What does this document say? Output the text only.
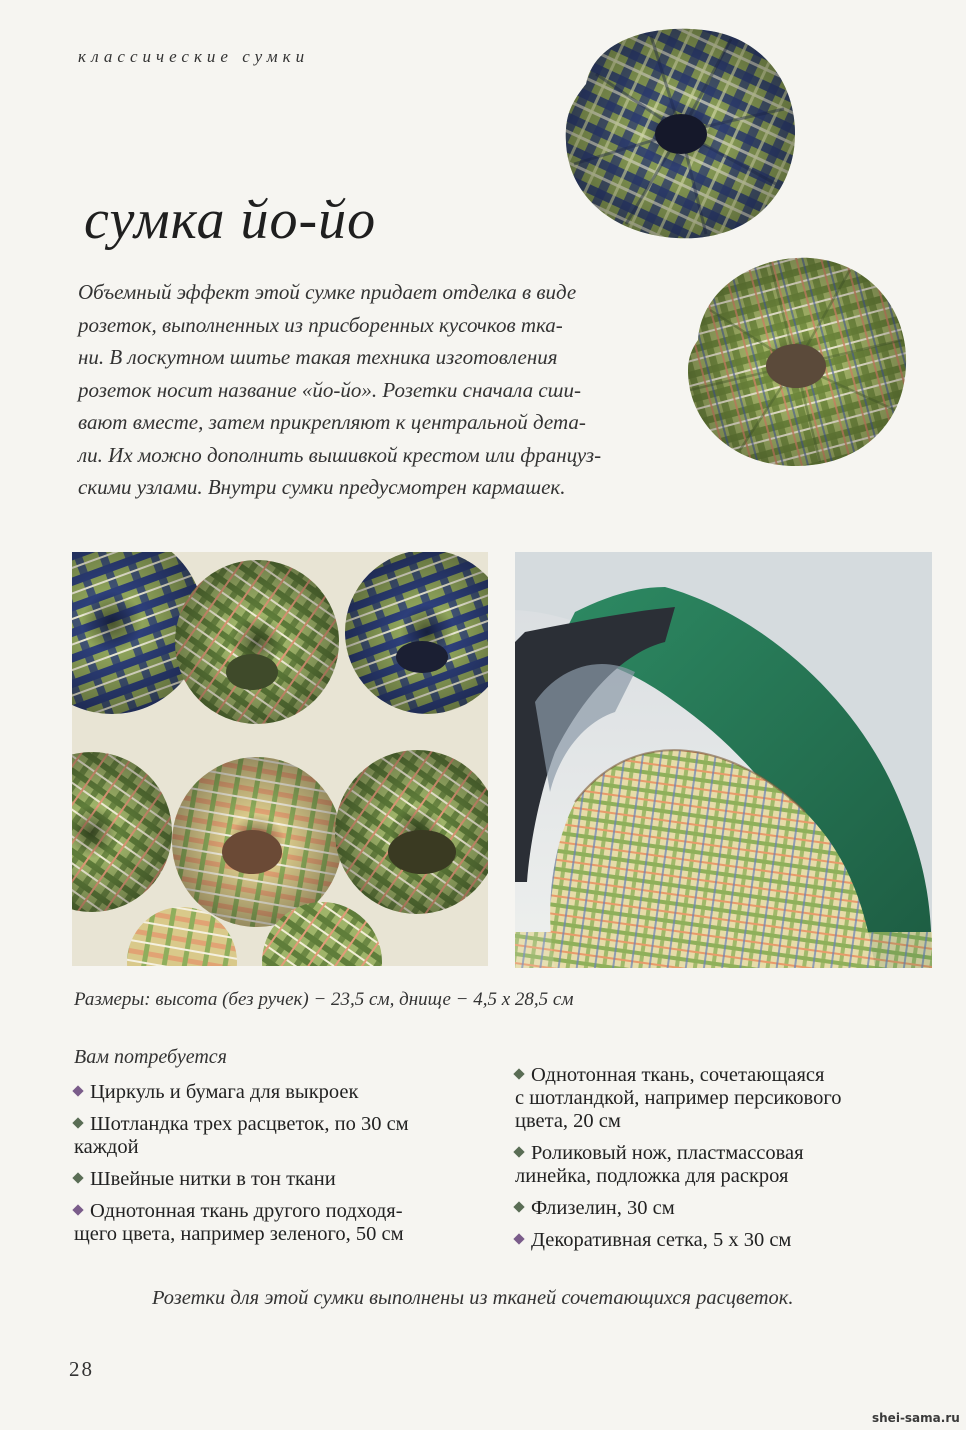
классические сумки
сумка йо-йо
Объемный эффект этой сумке придает отделка в виде
розеток, выполненных из присборенных кусочков тка-
ни. В лоскутном шитье такая техника изготовления
розеток носит название «йо-йо». Розетки сначала сши-
вают вместе, затем прикрепляют к центральной дета-
ли. Их можно дополнить вышивкой крестом или француз-
скими узлами. Внутри сумки предусмотрен кармашек.
Размеры: высота (без ручек) − 23,5 см, днище − 4,5 x 28,5 см
Вам потребуется
Циркуль и бумага для выкроек
Шотландка трех расцветок, по 30 см
каждой
Швейные нитки в тон ткани
Однотонная ткань другого подходя-
щего цвета, например зеленого, 50 см
Однотонная ткань, сочетающаяся
с шотландкой, например персикового
цвета, 20 см
Роликовый нож, пластмассовая
линейка, подложка для раскроя
Флизелин, 30 см
Декоративная сетка, 5 x 30 см
Розетки для этой сумки выполнены из тканей сочетающихся расцветок.
28
shei-sama.ru
